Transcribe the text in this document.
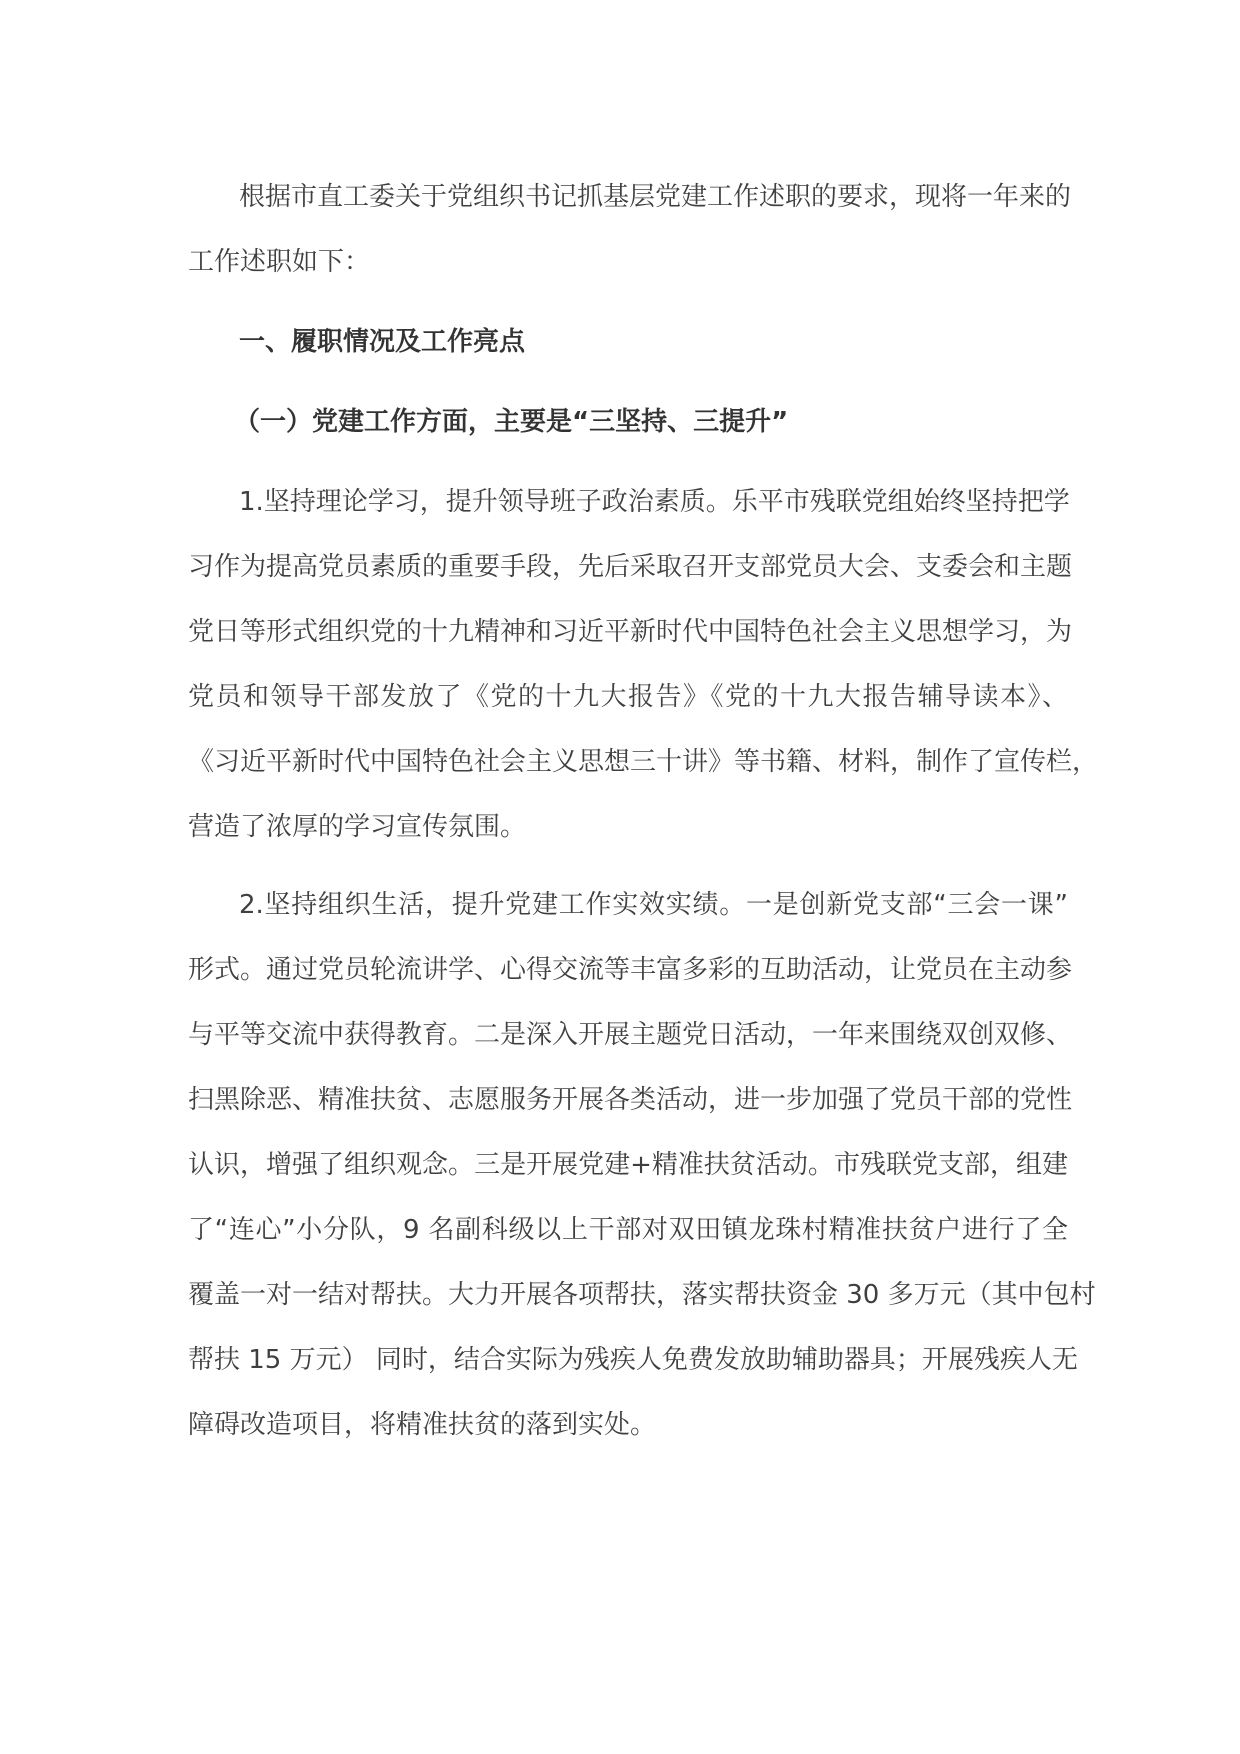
根据市直工委关于党组织书记抓基层党建工作述职的要求，现将一年来的
工作述职如下：
一、履职情况及工作亮点
（一）党建工作方面，主要是“三坚持、三提升”
1.坚持理论学习，提升领导班子政治素质。乐平市残联党组始终坚持把学
习作为提高党员素质的重要手段，先后采取召开支部党员大会、支委会和主题
党日等形式组织党的十九精神和习近平新时代中国特色社会主义思想学习，为
党员和领导干部发放了《党的十九大报告》《党的十九大报告辅导读本》、
《习近平新时代中国特色社会主义思想三十讲》等书籍、材料，制作了宣传栏，
营造了浓厚的学习宣传氛围。
2.坚持组织生活，提升党建工作实效实绩。一是创新党支部“三会一课”
形式。通过党员轮流讲学、心得交流等丰富多彩的互助活动，让党员在主动参
与平等交流中获得教育。二是深入开展主题党日活动，一年来围绕双创双修、
扫黑除恶、精准扶贫、志愿服务开展各类活动，进一步加强了党员干部的党性
认识，增强了组织观念。三是开展党建+精准扶贫活动。市残联党支部，组建
了“连心”小分队，9 名副科级以上干部对双田镇龙珠村精准扶贫户进行了全
覆盖一对一结对帮扶。大力开展各项帮扶，落实帮扶资金 30 多万元（其中包村
帮扶 15 万元） 同时，结合实际为残疾人免费发放助辅助器具；开展残疾人无
障碍改造项目，将精准扶贫的落到实处。
